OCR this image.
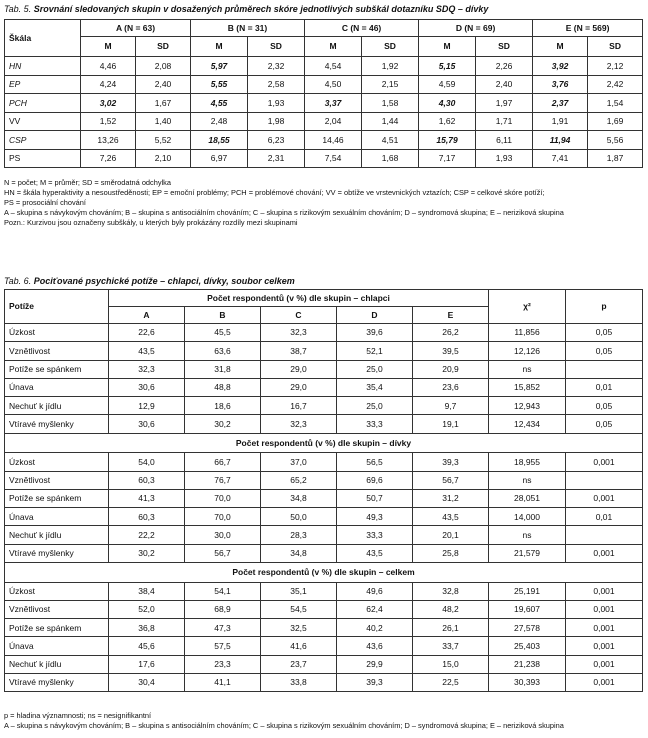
Tab. 5. Srovnání sledovaných skupin v dosažených průměrech skóre jednotlivých subškál dotazníku SDQ – dívky
Škála	A (N = 63)		B (N = 31)		C (N = 46)		D (N = 69)		E (N = 569)	
	M	SD	M	SD	M	SD	M	SD	M	SD
HN	4,46	2,08	5,97	2,32	4,54	1,92	5,15	2,26	3,92	2,12
EP	4,24	2,40	5,55	2,58	4,50	2,15	4,59	2,40	3,76	2,42
PCH	3,02	1,67	4,55	1,93	3,37	1,58	4,30	1,97	2,37	1,54
VV	1,52	1,40	2,48	1,98	2,04	1,44	1,62	1,71	1,91	1,69
CSP	13,26	5,52	18,55	6,23	14,46	4,51	15,79	6,11	11,94	5,56
PS	7,26	2,10	6,97	2,31	7,54	1,68	7,17	1,93	7,41	1,87
N = počet; M = průměr; SD = směrodatná odchylka
HN = škála hyperaktivity a nesoustředěnosti; EP = emoční problémy; PCH = problémové chování; VV = obtíže ve vrstevnických vztazích; CSP = celkové skóre potíží;
PS = prosociální chování
A – skupina s návykovým chováním; B – skupina s antisociálním chováním; C – skupina s rizikovým sexuálním chováním; D – syndromová skupina; E – neriziková skupina
Pozn.: Kurzivou jsou označeny subškály, u kterých byly prokázány rozdíly mezi skupinami
Tab. 6. Pociťované psychické potíže – chlapci, dívky, soubor celkem
Potíže	Počet respondentů (v %) dle skupin – chlapci					χ²	p
	A	B	C	D	E		
Úzkost	22,6	45,5	32,3	39,6	26,2	11,856	0,05
Vznětlivost	43,5	63,6	38,7	52,1	39,5	12,126	0,05
Potíže se spánkem	32,3	31,8	29,0	25,0	20,9	ns	
Únava	30,6	48,8	29,0	35,4	23,6	15,852	0,01
Nechuť k jídlu	12,9	18,6	16,7	25,0	9,7	12,943	0,05
Vtíravé myšlenky	30,6	30,2	32,3	33,3	19,1	12,434	0,05
Počet respondentů (v %) dle skupin – dívky							
Úzkost	54,0	66,7	37,0	56,5	39,3	18,955	0,001
Vznětlivost	60,3	76,7	65,2	69,6	56,7	ns	
Potíže se spánkem	41,3	70,0	34,8	50,7	31,2	28,051	0,001
Únava	60,3	70,0	50,0	49,3	43,5	14,000	0,01
Nechuť k jídlu	22,2	30,0	28,3	33,3	20,1	ns	
Vtíravé myšlenky	30,2	56,7	34,8	43,5	25,8	21,579	0,001
Počet respondentů (v %) dle skupin – celkem							
Úzkost	38,4	54,1	35,1	49,6	32,8	25,191	0,001
Vznětlivost	52,0	68,9	54,5	62,4	48,2	19,607	0,001
Potíže se spánkem	36,8	47,3	32,5	40,2	26,1	27,578	0,001
Únava	45,6	57,5	41,6	43,6	33,7	25,403	0,001
Nechuť k jídlu	17,6	23,3	23,7	29,9	15,0	21,238	0,001
Vtíravé myšlenky	30,4	41,1	33,8	39,3	22,5	30,393	0,001
p = hladina významnosti; ns = nesignifikantní
A – skupina s návykovým chováním; B – skupina s antisociálním chováním; C – skupina s rizikovým sexuálním chováním; D – syndromová skupina; E – neriziková skupina
